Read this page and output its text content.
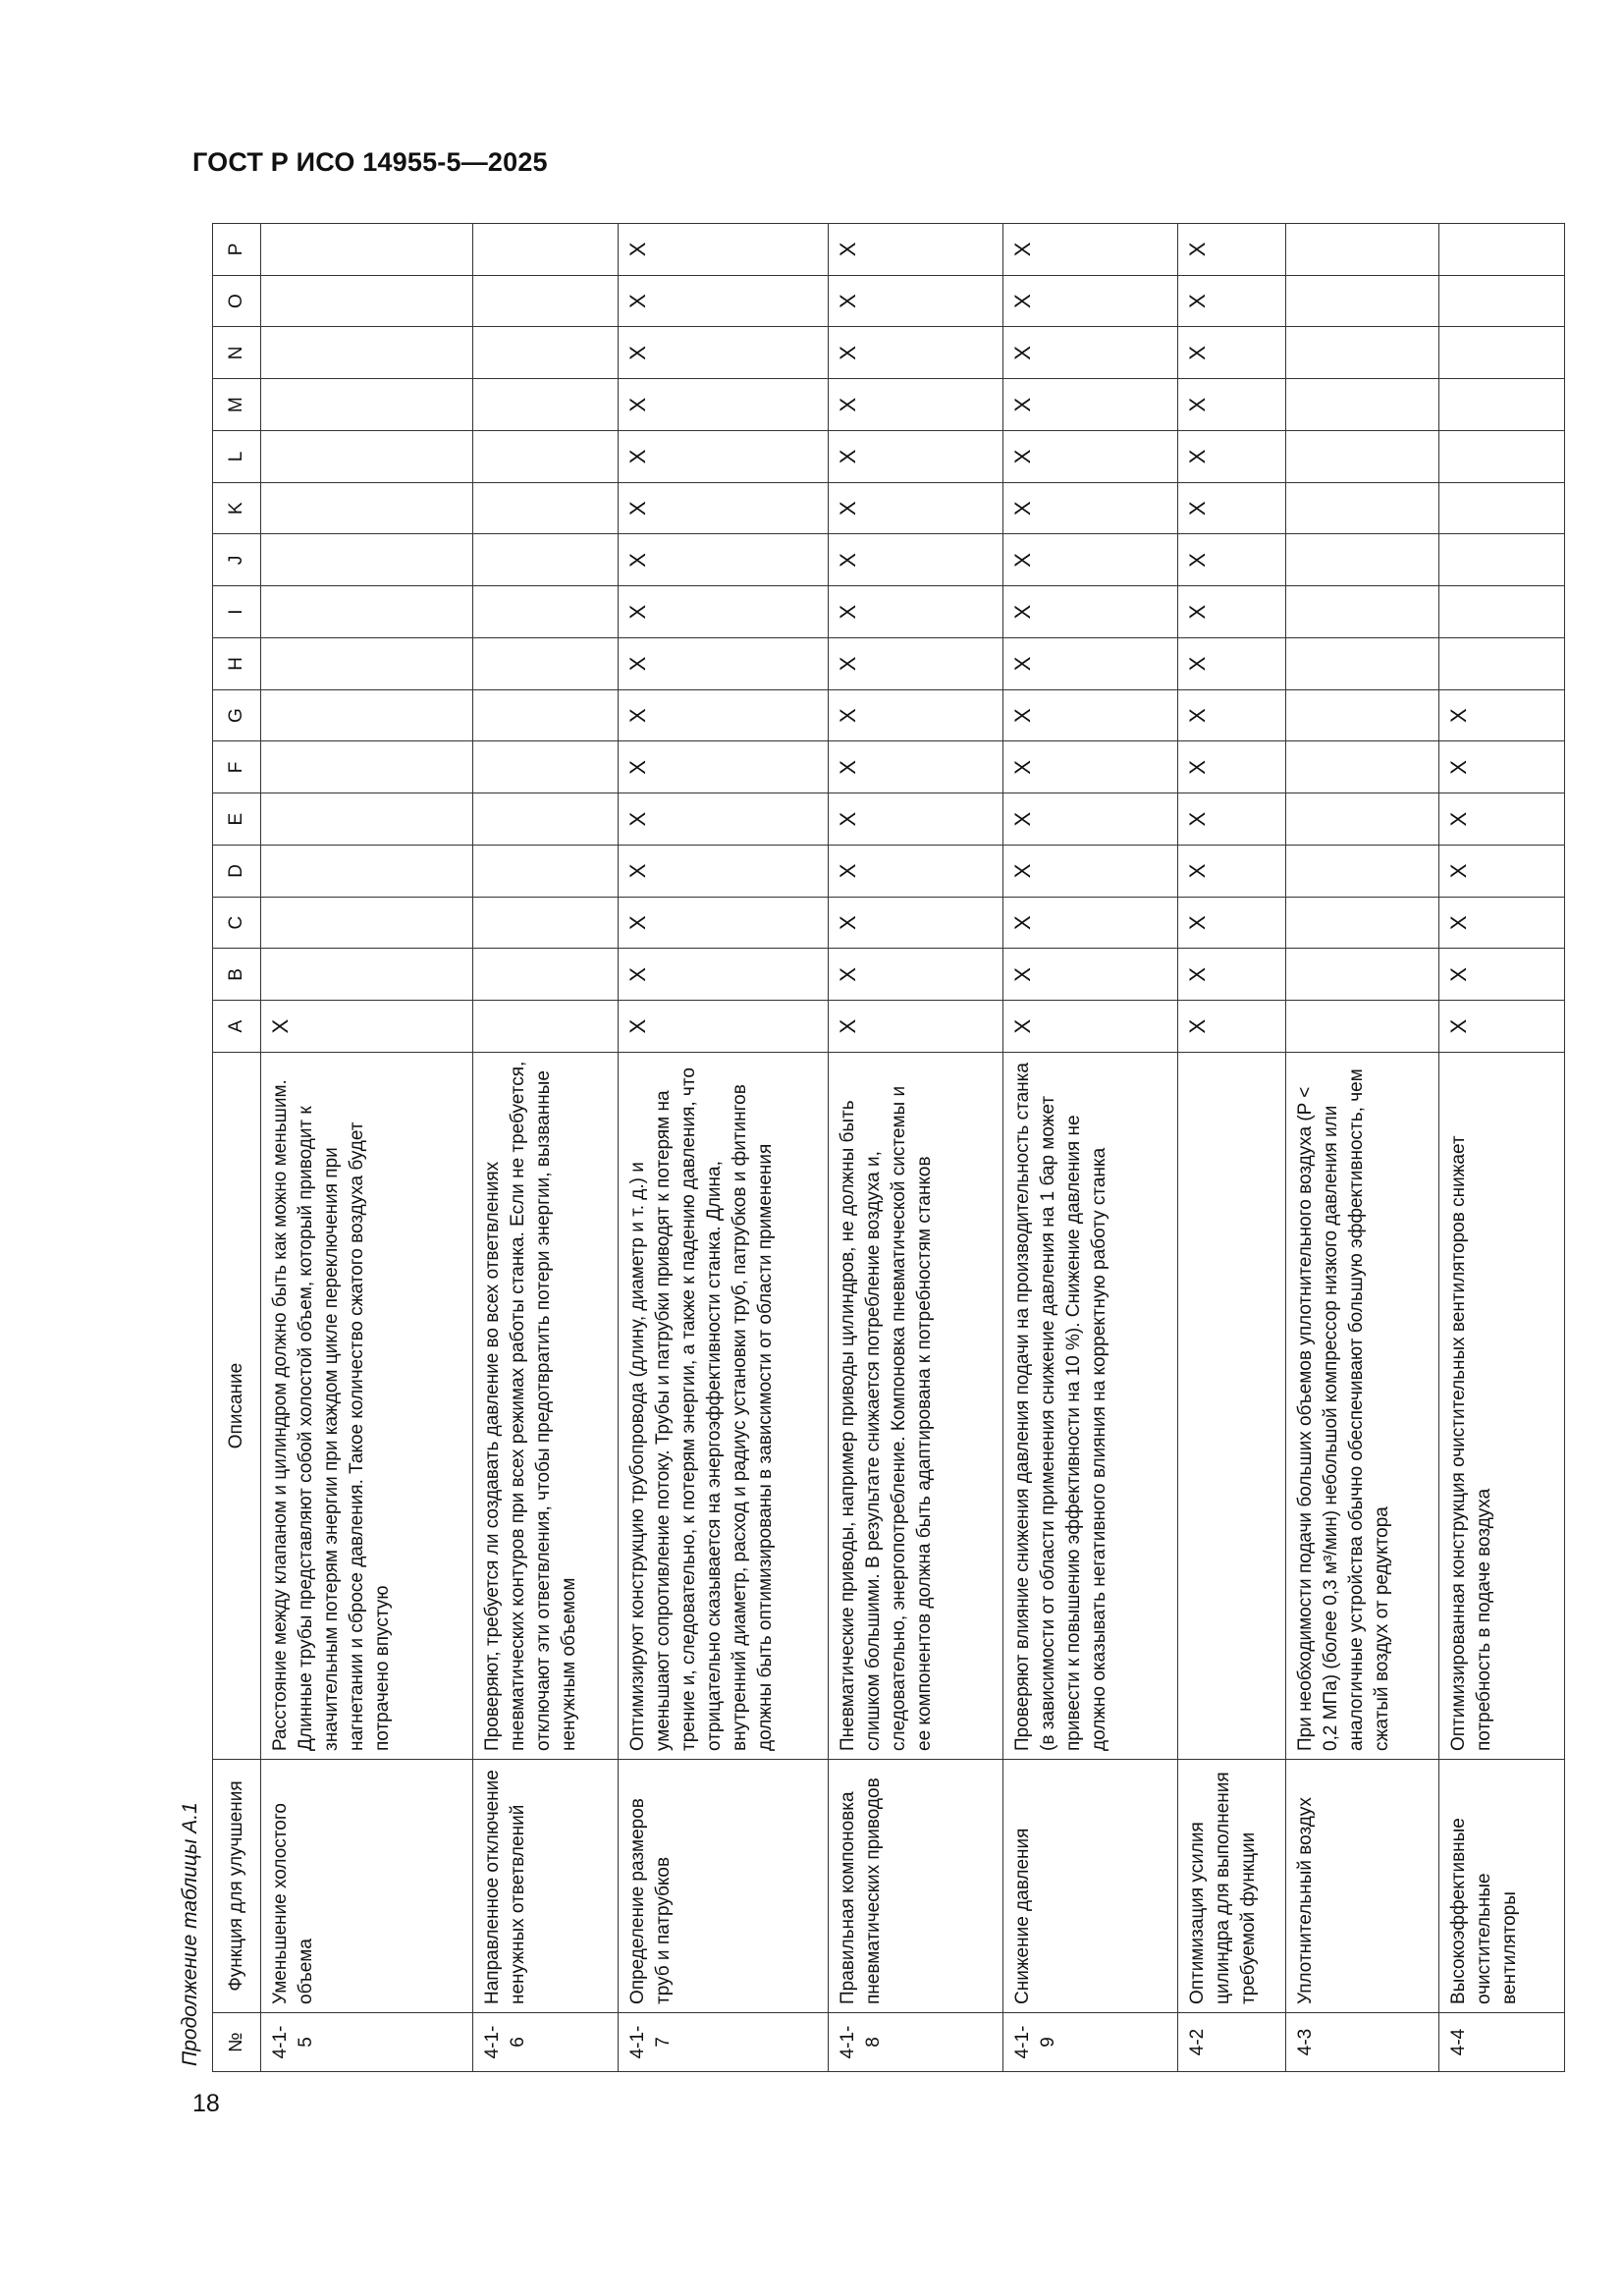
ГОСТ Р ИСО 14955-5—2025
18
Продолжение таблицы А.1	№	Функция для улучшения	Описание	A	B	C	D	E	F	G	H	I	J	K	L	M	N	O	P
4-1-5	Уменьшение холостого объема	Расстояние между клапаном и цилиндром должно быть как можно меньшим. Длинные трубы представляют собой холостой объем, который приводит к значительным потерям энергии при каждом цикле переключения при нагнетании и сбросе давления. Такое количество сжатого воздуха будет потрачено впустую	X															
4-1-6	Направленное отключение ненужных ответвлений	Проверяют, требуется ли создавать давление во всех ответвлениях пневматических контуров при всех режимах работы станка. Если не требуется, отключают эти ответвления, чтобы предотвратить потери энергии, вызванные ненужным объемом																
4-1-7	Определение размеров труб и патрубков	Оптимизируют конструкцию трубопровода (длину, диаметр и т. д.) и уменьшают сопротивление потоку. Трубы и патрубки приводят к потерям на трение и, следовательно, к потерям энергии, а также к падению давления, что отрицательно сказывается на энергоэффективности станка. Длина, внутренний диаметр, расход и радиус установки труб, патрубков и фитингов должны быть оптимизированы в зависимости от области применения	X	X	X	X	X	X	X	X	X	X	X	X	X	X	X	X
4-1-8	Правильная компоновка пневматических приводов	Пневматические приводы, например приводы цилиндров, не должны быть слишком большими. В результате снижается потребление воздуха и, следовательно, энергопотребление. Компоновка пневматической системы и ее компонентов должна быть адаптирована к потребностям станков	X	X	X	X	X	X	X	X	X	X	X	X	X	X	X	X
4-1-9	Снижение давления	Проверяют влияние снижения давления подачи на производительность станка (в зависимости от области применения снижение давления на 1 бар может привести к повышению эффективности на 10 %). Снижение давления не должно оказывать негативного влияния на корректную работу станка	X	X	X	X	X	X	X	X	X	X	X	X	X	X	X	X
4-2	Оптимизация усилия цилиндра для выполнения требуемой функции		X	X	X	X	X	X	X	X	X	X	X	X	X	X	X	X
4-3	Уплотнительный воздух	При необходимости подачи больших объемов уплотнительного воздуха (P < 0,2 МПа) (более 0,3 м³/мин) небольшой компрессор низкого давления или аналогичные устройства обычно обеспечивают большую эффективность, чем сжатый воздух от редуктора																
4-4	Высокоэффективные очистительные вентиляторы	Оптимизированная конструкция очистительных вентиляторов снижает потребность в подаче воздуха	X	X	X	X	X	X	X									
